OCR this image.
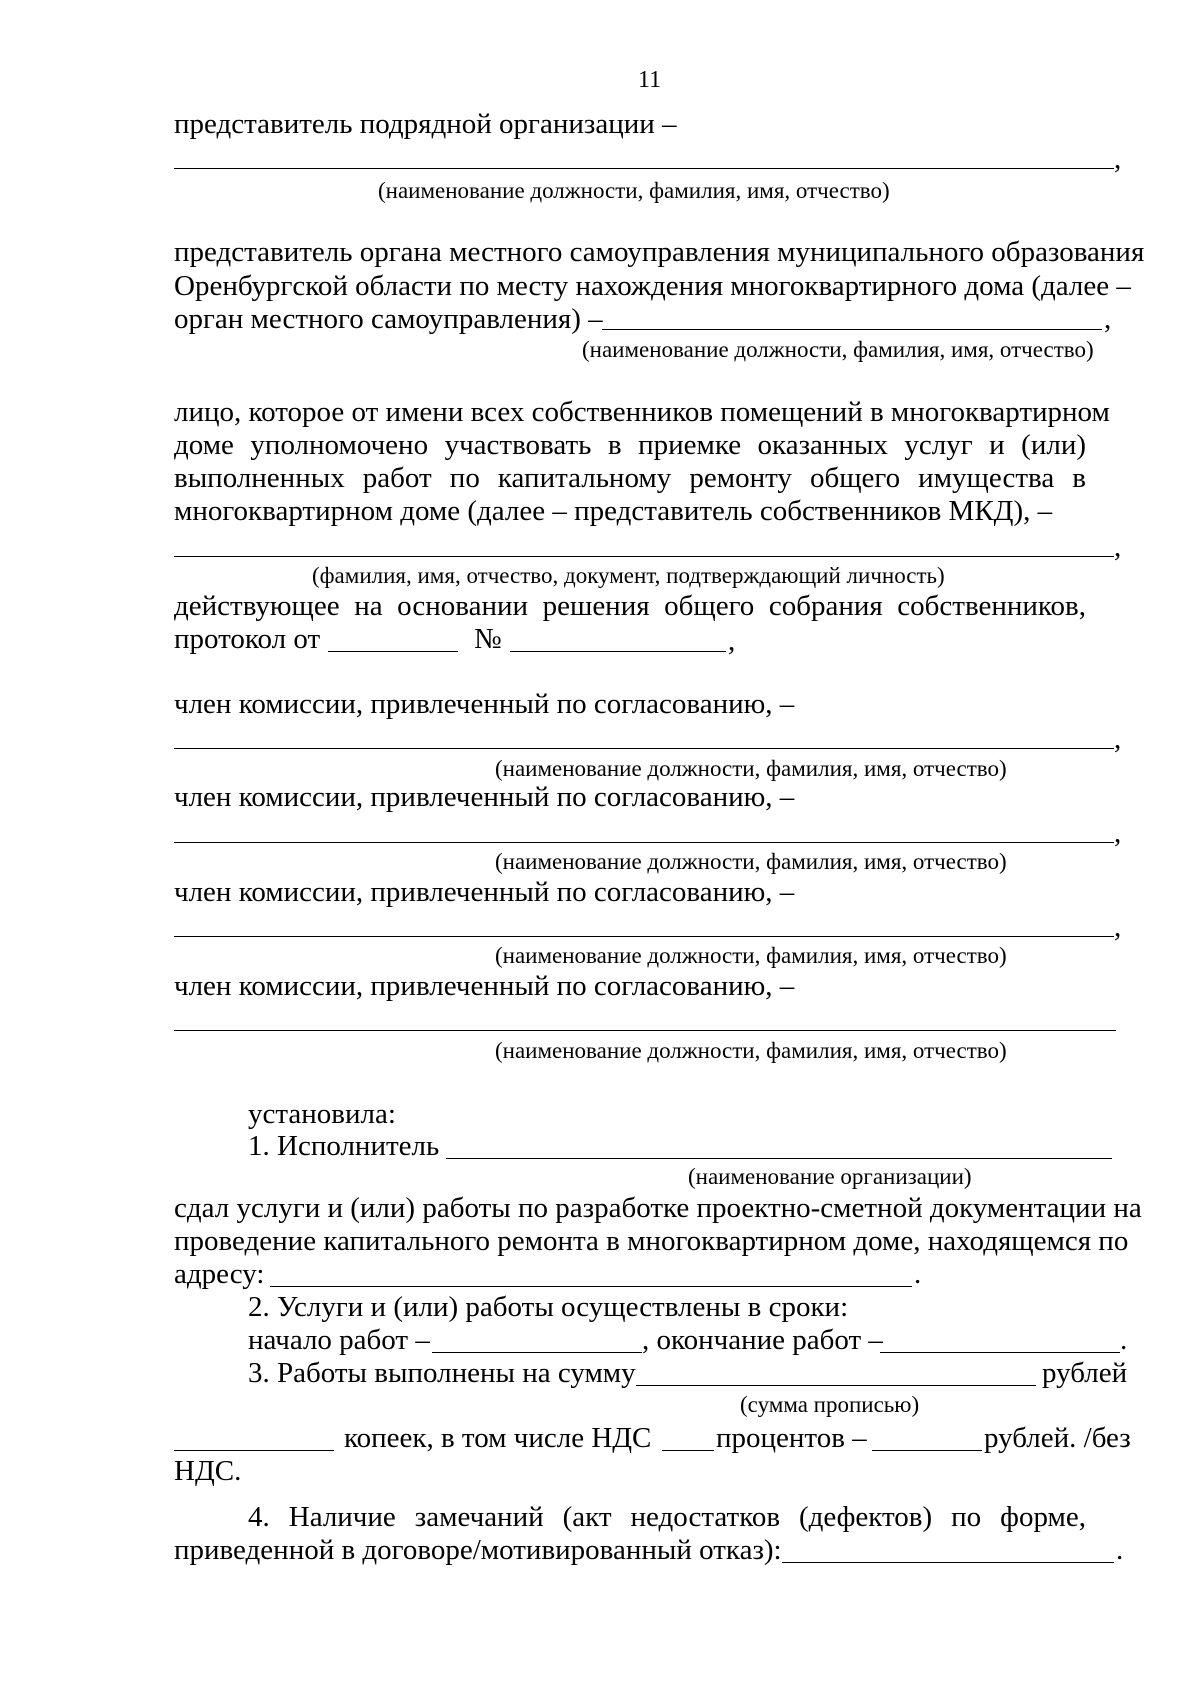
11
представитель подрядной организации –
,
(наименование должности, фамилия, имя, отчество)
представитель органа местного самоуправления муниципального образования
Оренбургской области по месту нахождения многоквартирного дома (далее –
орган местного самоуправления) –	,
(наименование должности, фамилия, имя, отчество)
лицо, которое от имени всех собственников помещений в многоквартирном
доме уполномочено участвовать в приемке оказанных услуг и (или)
выполненных работ по капитальному ремонту общего имущества в
многоквартирном доме (далее – представитель собственников МКД), –
,
(фамилия, имя, отчество, документ, подтверждающий личность)
действующее на основании решения общего собрания собственников,
протокол от	№	,
член комиссии, привлеченный по согласованию, –
,
(наименование должности, фамилия, имя, отчество)
член комиссии, привлеченный по согласованию, –
,
(наименование должности, фамилия, имя, отчество)
член комиссии, привлеченный по согласованию, –
,
(наименование должности, фамилия, имя, отчество)
член комиссии, привлеченный по согласованию, –
(наименование должности, фамилия, имя, отчество)
установила:
1. Исполнитель
(наименование организации)
сдал услуги и (или) работы по разработке проектно-сметной документации на
проведение капитального ремонта в многоквартирном доме, находящемся по
адресу:	.
2. Услуги и (или) работы осуществлены в сроки:
начало работ –	, окончание работ –	.
3. Работы выполнены на сумму	рублей
(сумма прописью)
копеек, в том числе НДС процентов –	рублей. /без
НДС.
4. Наличие замечаний (акт недостатков (дефектов) по форме,
приведенной в договоре/мотивированный отказ):	.
